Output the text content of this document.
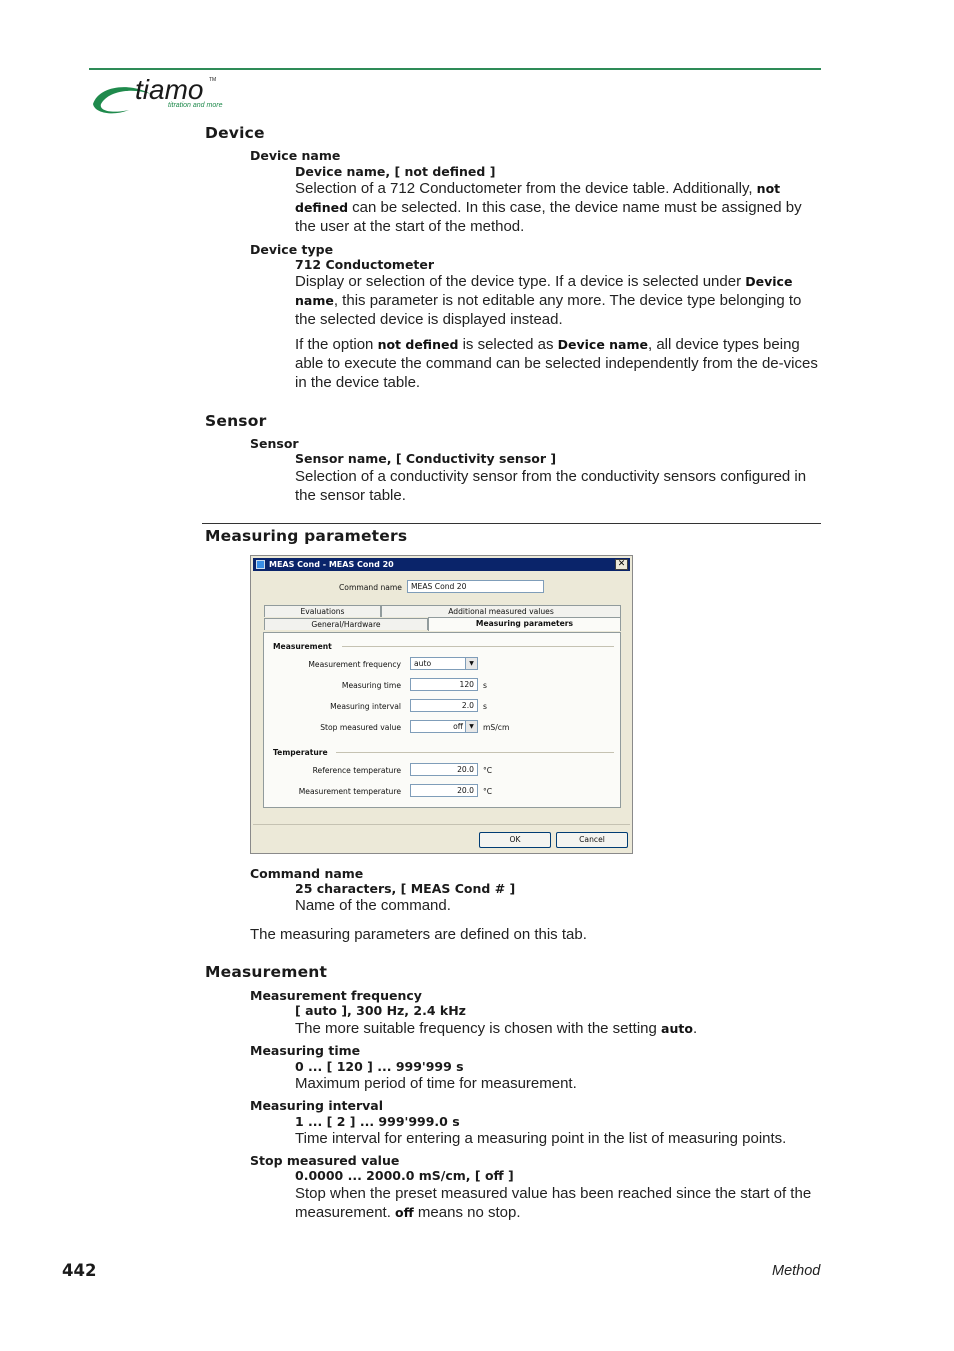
tiamo TM
titration and more
Device
Device name
Device name, [ not defined ]
Selection of a 712 Conductometer from the device table. Additionally, not defined can be selected. In this case, the device name must be assigned by the user at the start of the method.
Device type
712 Conductometer
Display or selection of the device type. If a device is selected under Device name, this parameter is not editable any more. The device type belonging to the selected device is displayed instead.
If the option not defined is selected as Device name, all device types being able to execute the command can be selected independently from the de-vices in the device table.
Sensor
Sensor
Sensor name, [ Conductivity sensor ]
Selection of a conductivity sensor from the conductivity sensors configured in the sensor table.
Measuring parameters
MEAS Cond - MEAS Cond 20	✕
Command name	MEAS Cond 20
Evaluations	Additional measured values
General/Hardware	Measuring parameters
Measurement
Measurement frequency	auto	▼
Measuring time	120	s
Measuring interval	2.0	s
Stop measured value	off	▼	mS/cm
Temperature
Reference temperature	20.0	°C
Measurement temperature	20.0	°C
OK	Cancel
Command name
25 characters, [ MEAS Cond # ]
Name of the command.
The measuring parameters are defined on this tab.
Measurement
Measurement frequency
[ auto ], 300 Hz, 2.4 kHz
The more suitable frequency is chosen with the setting auto.
Measuring time
0 ... [ 120 ] ... 999'999 s
Maximum period of time for measurement.
Measuring interval
1 ... [ 2 ] ... 999'999.0 s
Time interval for entering a measuring point in the list of measuring points.
Stop measured value
0.0000 ... 2000.0 mS/cm, [ off ]
Stop when the preset measured value has been reached since the start of the measurement. off means no stop.
442	Method
